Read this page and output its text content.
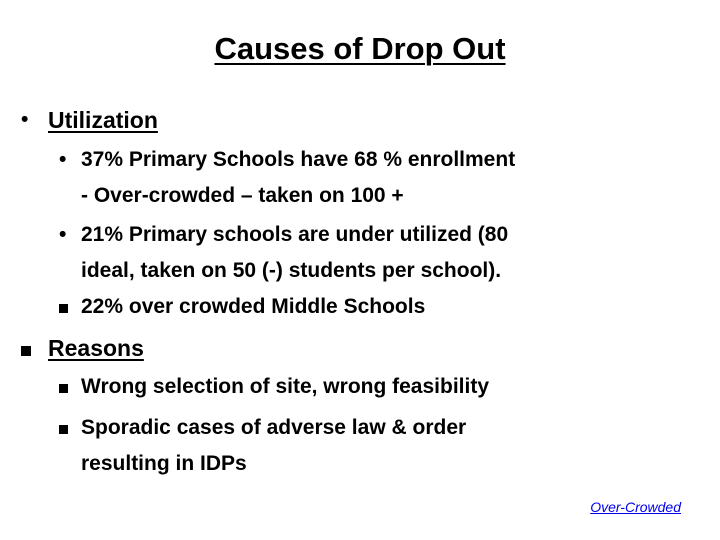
Causes of Drop Out
• Utilization
• 37% Primary Schools have 68 % enrollment
- Over-crowded – taken on 100 +
• 21% Primary schools are under utilized (80
ideal, taken on 50 (-) students per school).
22% over crowded Middle Schools
Reasons
Wrong selection of site, wrong feasibility
Sporadic cases of adverse law & order
resulting in IDPs
Over-Crowded
